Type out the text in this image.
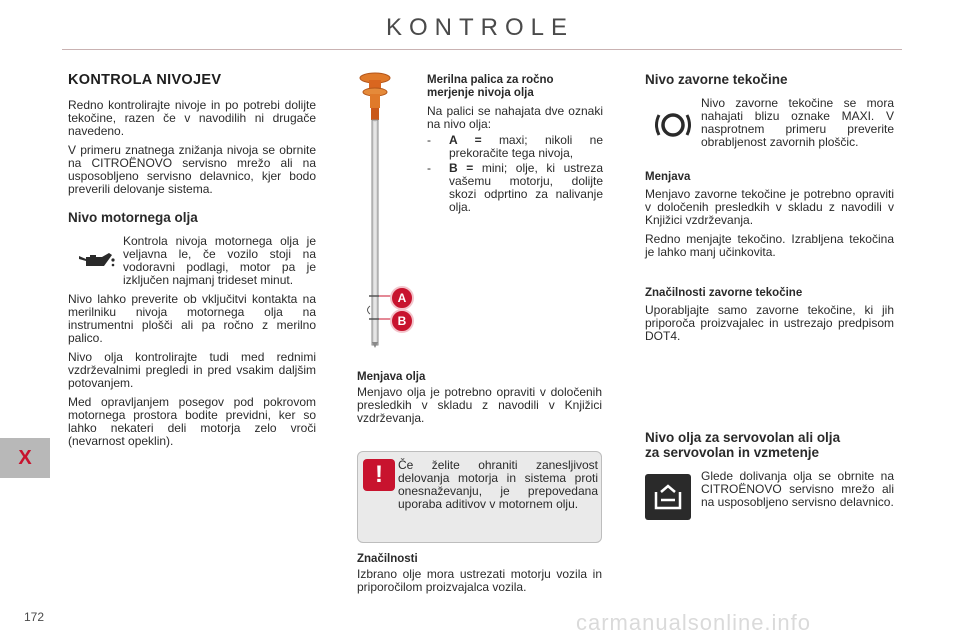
KONTROLE
X
KONTROLA NIVOJEV

Redno kontrolirajte nivoje in po potrebi dolijte tekočine, razen če v navodilih ni drugače navedeno.

V primeru znatnega znižanja nivoja se obrnite na CITROËNOVO servisno mrežo ali na usposobljeno servisno delavnico, kjer bodo preverili delovanje sistema.

Nivo motornega olja
Kontrola nivoja motornega olja je veljavna le, če vozilo stoji na vodoravni podlagi, motor pa je izključen najmanj trideset minut.

Nivo lahko preverite ob vključitvi kontakta na merilniku nivoja motornega olja na instrumentni plošči ali pa ročno z merilno palico.

Nivo olja kontrolirajte tudi med rednimi vzdrževalnimi pregledi in pred vsakim daljšim potovanjem.

Med opravljanjem posegov pod pokrovom motornega prostora bodite previdni, ker so lahko nekateri deli motorja zelo vroči (nevarnost opeklin).

A
B
Merilna palica za ročno merjenje nivoja olja

Na palici se nahajata dve oznaki na nivo olja:

-	A = maxi; nikoli ne prekoračite tega nivoja,
-	B = mini; olje, ki ustreza vašemu motorju, dolijte skozi odprtino za nalivanje olja.
Menjava olja

Menjavo olja je potrebno opraviti v določenih presledkih v skladu z navodili v Knjižici vzdrževanja.

!	Če želite ohraniti zanesljivost delovanja motorja in sistema proti onesnaževanju, je prepovedana uporaba aditivov v motornem olju.
Značilnosti

Izbrano olje mora ustrezati motorju vozila in priporočilom proizvajalca vozila.

Nivo zavorne tekočine
Nivo zavorne tekočine se mora nahajati blizu oznake MAXI. V nasprotnem primeru preverite obrabljenost zavornih ploščic.
Menjava

Menjavo zavorne tekočine je potrebno opraviti v določenih presledkih v skladu z navodili v Knjižici vzdrževanja.

Redno menjajte tekočino. Izrabljena tekočina je lahko manj učinkovita.

Značilnosti zavorne tekočine

Uporabljajte samo zavorne tekočine, ki jih priporoča proizvajalec in ustrezajo predpisom DOT4.

Nivo olja za servovolan ali olja za servovolan in vzmetenje
Glede dolivanja olja se obrnite na CITROËNOVO servisno mrežo ali na usposobljeno servisno delavnico.
172	carmanualsonline.info
